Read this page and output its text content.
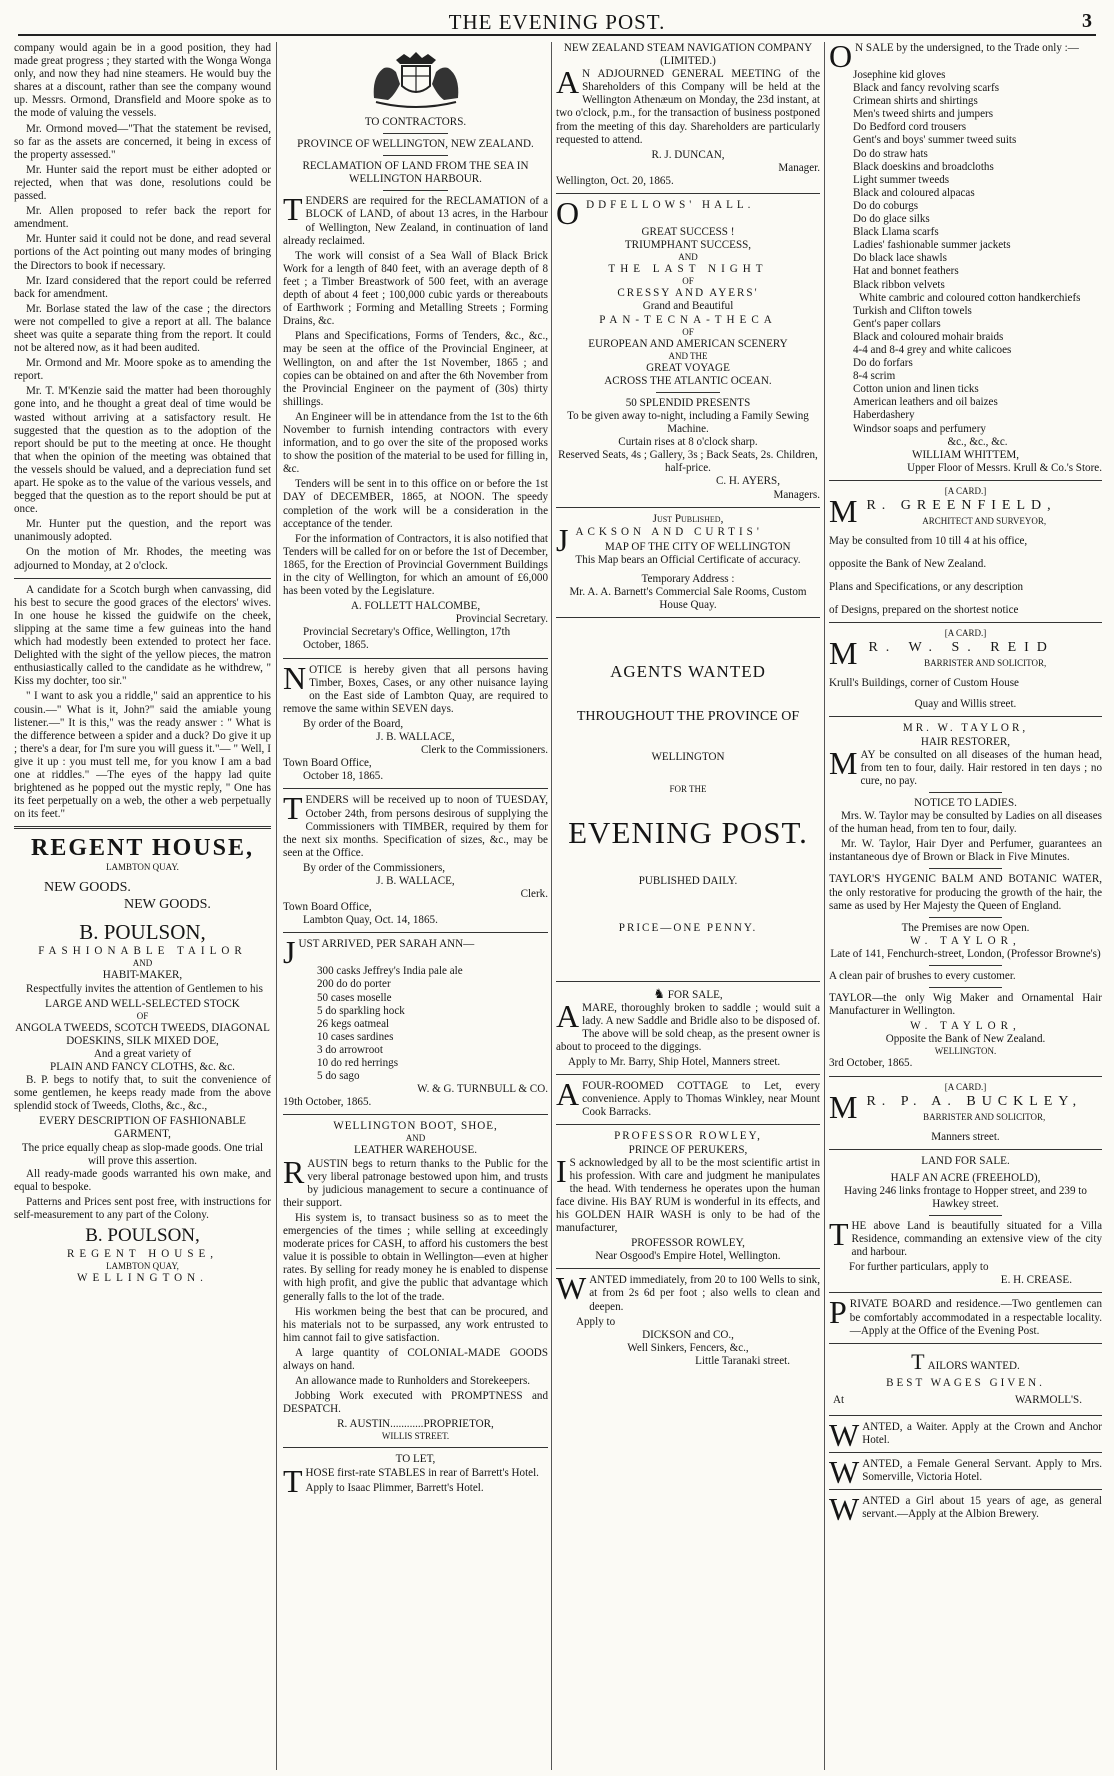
THE EVENING POST.	3

company would again be in a good position, they had made great progress ; they started with the Wonga Wonga only, and now they had nine steamers. He would buy the shares at a discount, rather than see the company wound up. Messrs. Ormond, Dransfield and Moore spoke as to the mode of valuing the vessels.

Mr. Ormond moved—"That the statement be revised, so far as the assets are concerned, it being in excess of the property assessed."

Mr. Hunter said the report must be either adopted or rejected, when that was done, resolutions could be passed.

Mr. Allen proposed to refer back the report for amendment.

Mr. Hunter said it could not be done, and read several portions of the Act pointing out many modes of bringing the Directors to book if necessary.

Mr. Izard considered that the report could be referred back for amendment.

Mr. Borlase stated the law of the case ; the directors were not compelled to give a report at all. The balance sheet was quite a separate thing from the report. It could not be altered now, as it had been audited.

Mr. Ormond and Mr. Moore spoke as to amending the report.

Mr. T. M'Kenzie said the matter had been thoroughly gone into, and he thought a great deal of time would be wasted without arriving at a satisfactory result. He suggested that the question as to the adoption of the report should be put to the meeting at once. He thought that when the opinion of the meeting was obtained that the vessels should be valued, and a depreciation fund set apart. He spoke as to the value of the various vessels, and begged that the question as to the report should be put at once.

Mr. Hunter put the question, and the report was unanimously adopted.

On the motion of Mr. Rhodes, the meeting was adjourned to Monday, at 2 o'clock.

A candidate for a Scotch burgh when canvassing, did his best to secure the good graces of the electors' wives. In one house he kissed the guidwife on the cheek, slipping at the same time a few guineas into the hand which had modestly been extended to protect her face. Delighted with the sight of the yellow pieces, the matron enthusiastically called to the candidate as he withdrew, " Kiss my dochter, too sir."

" I want to ask you a riddle," said an apprentice to his cousin.—" What is it, John?" said the amiable young listener.—" It is this," was the ready answer : " What is the difference between a spider and a duck? Do give it up ; there's a dear, for I'm sure you will guess it."— " Well, I give it up : you must tell me, for you know I am a bad one at riddles." —The eyes of the happy lad quite brightened as he popped out the mystic reply, " One has its feet perpetually on a web, the other a web perpetually on its feet."

REGENT HOUSE,
LAMBTON QUAY.
NEW GOODS.
NEW GOODS.
B. POULSON,
FASHIONABLE TAILOR
AND
HABIT-MAKER,

Respectfully invites the attention of Gentlemen to his

LARGE AND WELL-SELECTED STOCK
OF
ANGOLA TWEEDS, SCOTCH TWEEDS, DIAGONAL DOESKINS, SILK MIXED DOE,
And a great variety of
PLAIN AND FANCY CLOTHS, &c. &c.

B. P. begs to notify that, to suit the convenience of some gentlemen, he keeps ready made from the above splendid stock of Tweeds, Cloths, &c., &c.,

EVERY DESCRIPTION OF FASHIONABLE GARMENT,
The price equally cheap as slop-made goods. One trial will prove this assertion.

All ready-made goods warranted his own make, and equal to bespoke.

Patterns and Prices sent post free, with instructions for self-measurement to any part of the Colony.

B. POULSON,
REGENT HOUSE,
LAMBTON QUAY,
WELLINGTON.
TO CONTRACTORS.
PROVINCE OF WELLINGTON, NEW ZEALAND.
RECLAMATION OF LAND FROM THE SEA IN WELLINGTON HARBOUR.

TENDERS are required for the RECLAMATION of a BLOCK of LAND, of about 13 acres, in the Harbour of Wellington, New Zealand, in continuation of land already reclaimed.

The work will consist of a Sea Wall of Black Brick Work for a length of 840 feet, with an average depth of 8 feet ; a Timber Breastwork of 500 feet, with an average depth of about 4 feet ; 100,000 cubic yards or thereabouts of Earthwork ; Forming and Metalling Streets ; Forming Drains, &c.

Plans and Specifications, Forms of Tenders, &c., &c., may be seen at the office of the Provincial Engineer, at Wellington, on and after the 1st November, 1865 ; and copies can be obtained on and after the 6th November from the Provincial Engineer on the payment of (30s) thirty shillings.

An Engineer will be in attendance from the 1st to the 6th November to furnish intending contractors with every information, and to go over the site of the proposed works to show the position of the material to be used for filling in, &c.

Tenders will be sent in to this office on or before the 1st DAY of DECEMBER, 1865, at NOON. The speedy completion of the work will be a consideration in the acceptance of the tender.

For the information of Contractors, it is also notified that Tenders will be called for on or before the 1st of December, 1865, for the Erection of Provincial Government Buildings in the city of Wellington, for which an amount of £6,000 has been voted by the Legislature.

A. FOLLETT HALCOMBE,
Provincial Secretary.
Provincial Secretary's Office, Wellington, 17th October, 1865.

NOTICE is hereby given that all persons having Timber, Boxes, Cases, or any other nuisance laying on the East side of Lambton Quay, are required to remove the same within SEVEN days.

By order of the Board,
J. B. WALLACE,
Clerk to the Commissioners.
Town Board Office,
October 18, 1865.

TENDERS will be received up to noon of TUESDAY, October 24th, from persons desirous of supplying the Commissioners with TIMBER, required by them for the next six months. Specification of sizes, &c., may be seen at the Office.

By order of the Commissioners,
J. B. WALLACE,
Clerk.
Town Board Office,
Lambton Quay, Oct. 14, 1865.

JUST ARRIVED, PER SARAH ANN—

300 casks Jeffrey's India pale ale
200 do do porter
50 cases moselle
5 do sparkling hock
26 kegs oatmeal
10 cases sardines
3 do arrowroot
10 do red herrings
5 do sago
W. & G. TURNBULL & CO.
19th October, 1865.
WELLINGTON BOOT, SHOE,
AND
LEATHER WAREHOUSE.

RAUSTIN begs to return thanks to the Public for the very liberal patronage bestowed upon him, and trusts by judicious management to secure a continuance of their support.

His system is, to transact business so as to meet the emergencies of the times ; while selling at exceedingly moderate prices for CASH, to afford his customers the best value it is possible to obtain in Wellington—even at higher rates. By selling for ready money he is enabled to dispense with high profit, and give the public that advantage which generally falls to the lot of the trade.

His workmen being the best that can be procured, and his materials not to be surpassed, any work entrusted to him cannot fail to give satisfaction.

A large quantity of COLONIAL-MADE GOODS always on hand.

An allowance made to Runholders and Storekeepers.

Jobbing Work executed with PROMPTNESS and DESPATCH.

R. AUSTIN............PROPRIETOR,
WILLIS STREET.
TO LET,

THOSE first-rate STABLES in rear of Barrett's Hotel.

Apply to Isaac Plimmer, Barrett's Hotel.
NEW ZEALAND STEAM NAVIGATION COMPANY (LIMITED.)

A N ADJOURNED GENERAL MEETING of the Shareholders of this Company will be held at the Wellington Athenæum on Monday, the 23d instant, at two o'clock, p.m., for the transaction of business postponed from the meeting of this day. Shareholders are particularly requested to attend.

R. J. DUNCAN,
Manager.
Wellington, Oct. 20, 1865.

ODDFELLOWS' HALL.

GREAT SUCCESS !
TRIUMPHANT SUCCESS,
AND
THE LAST NIGHT
OF
CRESSY AND AYERS'
Grand and Beautiful
PAN-TECNA-THECA
OF
EUROPEAN AND AMERICAN SCENERY
AND THE
GREAT VOYAGE
ACROSS THE ATLANTIC OCEAN.
50 SPLENDID PRESENTS
To be given away to-night, including a Family Sewing Machine.
Curtain rises at 8 o'clock sharp.
Reserved Seats, 4s ; Gallery, 3s ; Back Seats, 2s. Children, half-price.
C. H. AYERS,
Managers.
Just Published,

JACKSON AND CURTIS'

MAP OF THE CITY OF WELLINGTON
This Map bears an Official Certificate of accuracy.
Temporary Address :
Mr. A. A. Barnett's Commercial Sale Rooms, Custom House Quay.
AGENTS WANTED
THROUGHOUT THE PROVINCE OF
WELLINGTON
FOR THE
EVENING POST.
PUBLISHED DAILY.
PRICE—ONE PENNY.
♞ FOR SALE,

AMARE, thoroughly broken to saddle ; would suit a lady. A new Saddle and Bridle also to be disposed of. The above will be sold cheap, as the present owner is about to proceed to the diggings.

Apply to Mr. Barry, Ship Hotel, Manners street.

AFOUR-ROOMED COTTAGE to Let, every convenience. Apply to Thomas Winkley, near Mount Cook Barracks.

PROFESSOR ROWLEY,
PRINCE OF PERUKERS,

I S acknowledged by all to be the most scientific artist in his profession. With care and judgment he manipulates the head. With tenderness he operates upon the human face divine. His BAY RUM is wonderful in its effects, and his GOLDEN HAIR WASH is only to be had of the manufacturer,

PROFESSOR ROWLEY,
Near Osgood's Empire Hotel, Wellington.

WANTED immediately, from 20 to 100 Wells to sink, at from 2s 6d per foot ; also wells to clean and deepen.

Apply to
DICKSON and CO.,
Well Sinkers, Fencers, &c.,
Little Taranaki street.

O N SALE by the undersigned, to the Trade only :—

Josephine kid gloves
Black and fancy revolving scarfs
Crimean shirts and shirtings
Men's tweed shirts and jumpers
Do Bedford cord trousers
Gent's and boys' summer tweed suits
Do do straw hats
Black doeskins and broadcloths
Light summer tweeds
Black and coloured alpacas
Do do coburgs
Do do glace silks
Black Llama scarfs
Ladies' fashionable summer jackets
Do black lace shawls
Hat and bonnet feathers
Black ribbon velvets
White cambric and coloured cotton handkerchiefs
Turkish and Clifton towels
Gent's paper collars
Black and coloured mohair braids
4-4 and 8-4 grey and white calicoes
Do do forfars
8-4 scrim
Cotton union and linen ticks
American leathers and oil baizes
Haberdashery
Windsor soaps and perfumery
&c., &c., &c.
WILLIAM WHITTEM,
Upper Floor of Messrs. Krull & Co.'s Store.
[A CARD.]

M R. GREENFIELD,

ARCHITECT AND SURVEYOR,
May be consulted from 10 till 4 at his office,
opposite the Bank of New Zealand.
Plans and Specifications, or any description
of Designs, prepared on the shortest notice
[A CARD.]

M R. W. S. REID

BARRISTER AND SOLICITOR,
Krull's Buildings, corner of Custom House
Quay and Willis street.
MR. W. TAYLOR,
HAIR RESTORER,

MAY be consulted on all diseases of the human head, from ten to four, daily. Hair restored in ten days ; no cure, no pay.

NOTICE TO LADIES.

Mrs. W. Taylor may be consulted by Ladies on all diseases of the human head, from ten to four, daily.

Mr. W. Taylor, Hair Dyer and Perfumer, guarantees an instantaneous dye of Brown or Black in Five Minutes.

TAYLOR'S HYGENIC BALM AND BOTANIC WATER, the only restorative for producing the growth of the hair, the same as used by Her Majesty the Queen of England.

The Premises are now Open.
W. TAYLOR,
Late of 141, Fenchurch-street, London, (Professor Browne's)
A clean pair of brushes to every customer.

TAYLOR—the only Wig Maker and Ornamental Hair Manufacturer in Wellington.

W. TAYLOR,
Opposite the Bank of New Zealand.
WELLINGTON.
3rd October, 1865.
[A CARD.]

M R. P. A. BUCKLEY,

BARRISTER AND SOLICITOR,
Manners street.
LAND FOR SALE.
HALF AN ACRE (FREEHOLD),
Having 246 links frontage to Hopper street, and 239 to Hawkey street.

THE above Land is beautifully situated for a Villa Residence, commanding an extensive view of the city and harbour.

For further particulars, apply to
E. H. CREASE.

PRIVATE BOARD and residence.—Two gentlemen can be comfortably accommodated in a respectable locality.—Apply at the Office of the Evening Post.

TAILORS WANTED.

BEST WAGES GIVEN.
At	WARMOLL'S.

WANTED, a Waiter. Apply at the Crown and Anchor Hotel.

WANTED, a Female General Servant. Apply to Mrs. Somerville, Victoria Hotel.

WANTED a Girl about 15 years of age, as general servant.—Apply at the Albion Brewery.
